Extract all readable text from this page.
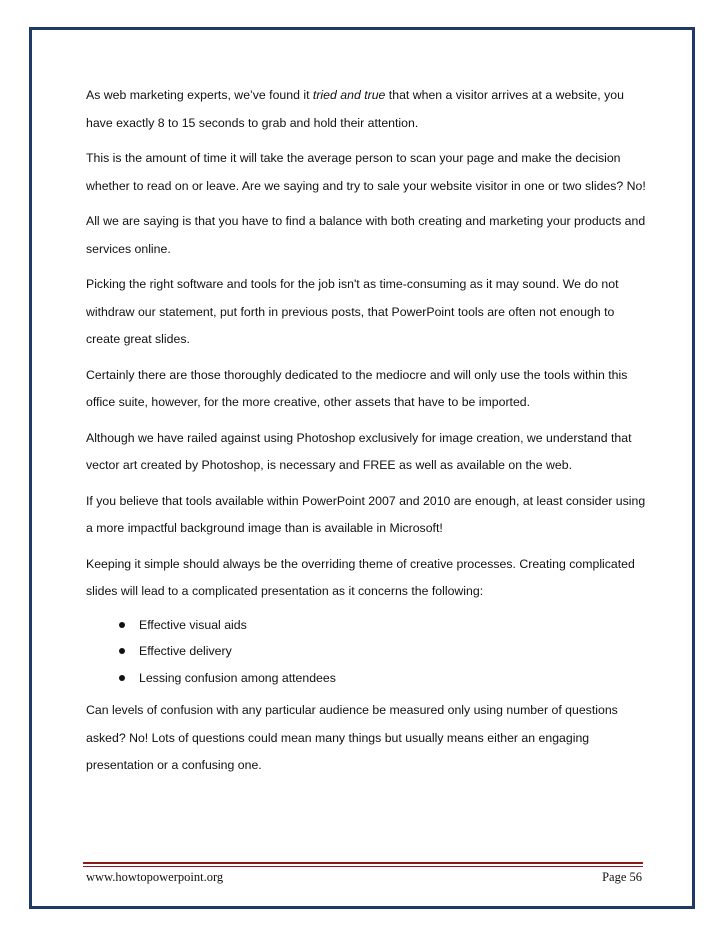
As web marketing experts, we’ve found it tried and true that when a visitor arrives at a website, you have exactly 8 to 15 seconds to grab and hold their attention.

This is the amount of time it will take the average person to scan your page and make the decision whether to read on or leave. Are we saying and try to sale your website visitor in one or two slides? No!

All we are saying is that you have to find a balance with both creating and marketing your products and services online.

Picking the right software and tools for the job isn't as time-consuming as it may sound. We do not withdraw our statement, put forth in previous posts, that PowerPoint tools are often not enough to create great slides.

Certainly there are those thoroughly dedicated to the mediocre and will only use the tools within this office suite, however, for the more creative, other assets that have to be imported.

Although we have railed against using Photoshop exclusively for image creation, we understand that vector art created by Photoshop, is necessary and FREE as well as available on the web.

If you believe that tools available within PowerPoint 2007 and 2010 are enough, at least consider using a more impactful background image than is available in Microsoft!

Keeping it simple should always be the overriding theme of creative processes. Creating complicated slides will lead to a complicated presentation as it concerns the following:

Effective visual aids
Effective delivery
Lessing confusion among attendees

Can levels of confusion with any particular audience be measured only using number of questions asked? No! Lots of questions could mean many things but usually means either an engaging presentation or a confusing one.

www.howtopowerpoint.org	Page 56
